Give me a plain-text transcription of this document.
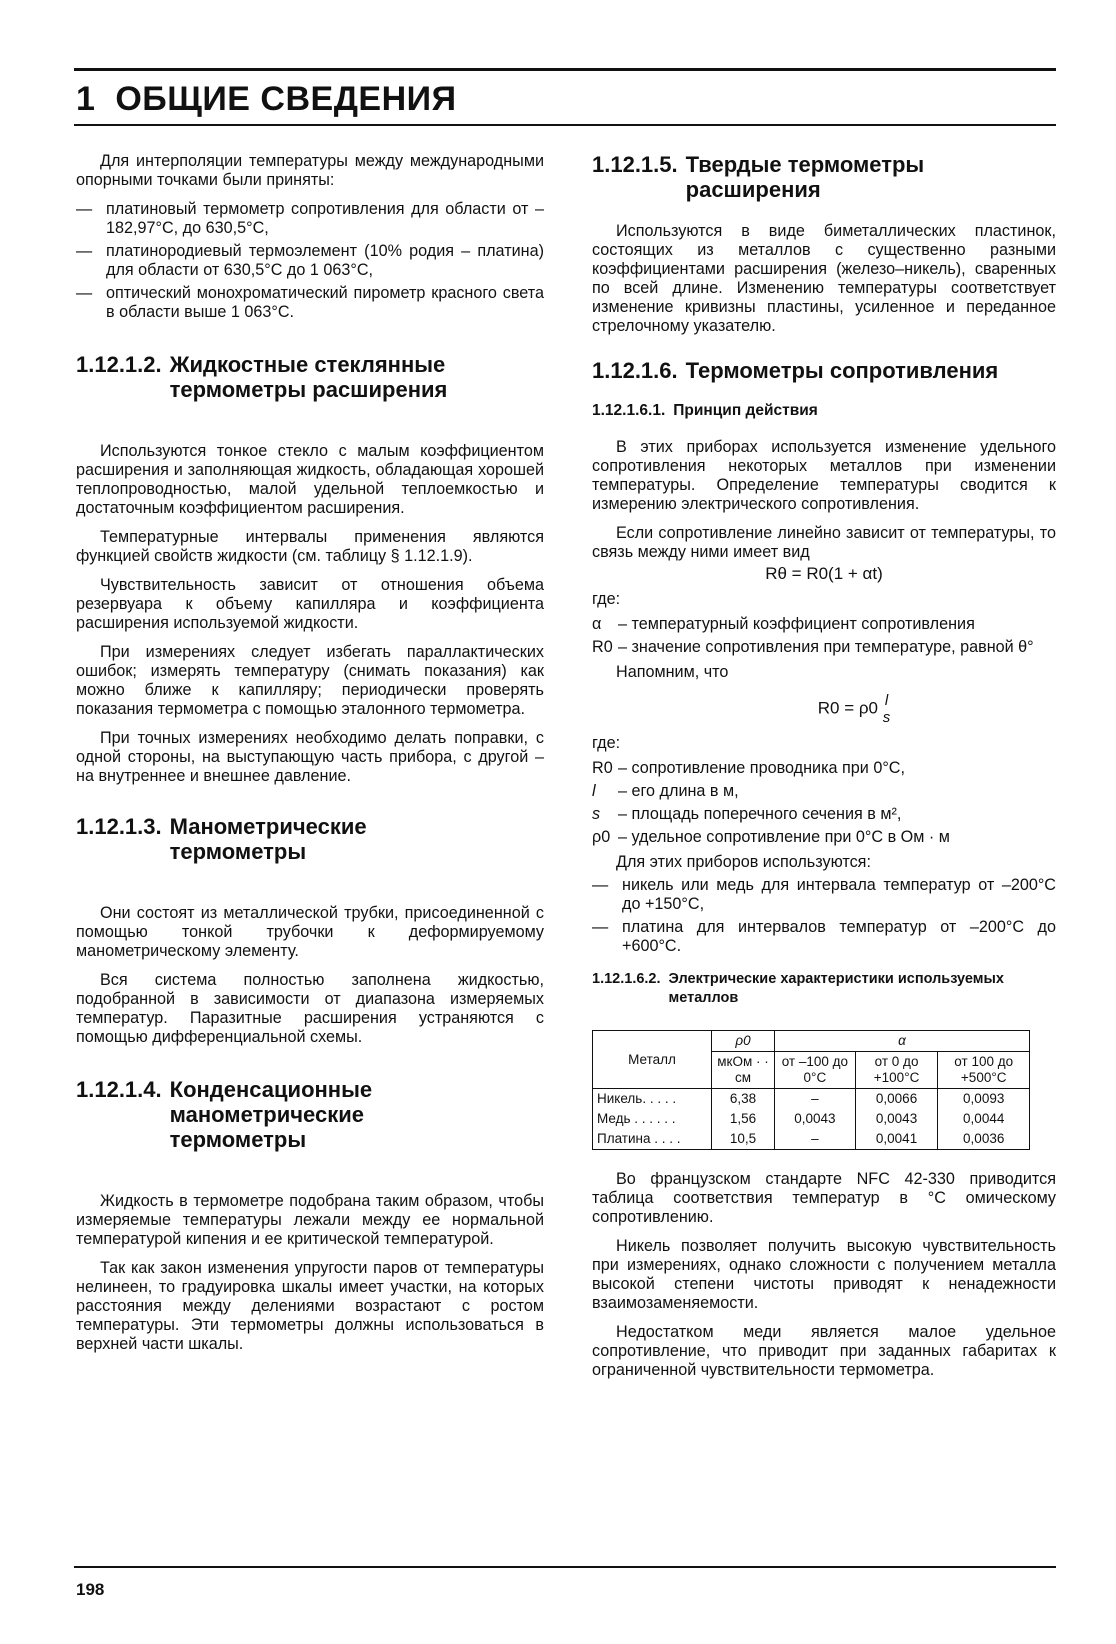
1 ОБЩИЕ СВЕДЕНИЯ

Для интерполяции температуры между международными опорными точками были приняты:

— платиновый термометр сопротивления для области от –182,97°С, до 630,5°С,
— платинородиевый термоэлемент (10% родия – платина) для области от 630,5°С до 1 063°С,
— оптический монохроматический пирометр красного света в области выше 1 063°С.
1.12.1.2. Жидкостные стеклянные термометры расширения

Используются тонкое стекло с малым коэффициентом расширения и заполняющая жидкость, обладающая хорошей теплопроводностью, малой удельной теплоемкостью и достаточным коэффициентом расширения.

Температурные интервалы применения являются функцией свойств жидкости (см. таблицу § 1.12.1.9).

Чувствительность зависит от отношения объема резервуара к объему капилляра и коэффициента расширения используемой жидкости.

При измерениях следует избегать параллактических ошибок; измерять температуру (снимать показания) как можно ближе к капилляру; периодически проверять показания термометра с помощью эталонного термометра.

При точных измерениях необходимо делать поправки, с одной стороны, на выступающую часть прибора, с другой – на внутреннее и внешнее давление.

1.12.1.3. Манометрические термометры

Они состоят из металлической трубки, присоединенной с помощью тонкой трубочки к деформируемому манометрическому элементу.

Вся система полностью заполнена жидкостью, подобранной в зависимости от диапазона измеряемых температур. Паразитные расширения устраняются с помощью дифференциальной схемы.

1.12.1.4. Конденсационные манометрические термометры

Жидкость в термометре подобрана таким образом, чтобы измеряемые температуры лежали между ее нормальной температурой кипения и ее критической температурой.

Так как закон изменения упругости паров от температуры нелинеен, то градуировка шкалы имеет участки, на которых расстояния между делениями возрастают с ростом температуры. Эти термометры должны использоваться в верхней части шкалы.

1.12.1.5. Твердые термометры расширения

Используются в виде биметаллических пластинок, состоящих из металлов с существенно разными коэффициентами расширения (железо–никель), сваренных по всей длине. Изменению температуры соответствует изменение кривизны пластины, усиленное и переданное стрелочному указателю.

1.12.1.6. Термометры сопротивления
1.12.1.6.1. Принцип действия

В этих приборах используется изменение удельного сопротивления некоторых металлов при изменении температуры. Определение температуры сводится к измерению электрического сопротивления.

Если сопротивление линейно зависит от температуры, то связь между ними имеет вид

Rθ = R0(1 + αt)
где:
α	– температурный коэффициент сопротивления
R0 – значение сопротивления при температуре, равной θ°

Напомним, что

R0 = ρ0 l
s
где:
R0 – сопротивление проводника при 0°С,
l	– его длина в м,
s	– площадь поперечного сечения в м²,
ρ0 – удельное сопротивление при 0°С в Ом · м

Для этих приборов используются:

— никель или медь для интервала температур от –200°С до +150°С,
— платина для интервалов температур от –200°С до +600°С.
1.12.1.6.2. Электрические характеристики используемых металлов
Металл	ρ0	α		
	мкОм · · см	от –100 до 0°С	от 0 до +100°С	от 100 до +500°С
Никель. . . . .	6,38	–	0,0066	0,0093
Медь . . . . . .	1,56	0,0043	0,0043	0,0044
Платина . . . .	10,5	–	0,0041	0,0036

Во французском стандарте NFC 42-330 приводится таблица соответствия температур в °С омическому сопротивлению.

Никель позволяет получить высокую чувствительность при измерениях, однако сложности с получением металла высокой степени чистоты приводят к ненадежности взаимозаменяемости.

Недостатком меди является малое удельное сопротивление, что приводит при заданных габаритах к ограниченной чувствительности термометра.

198
